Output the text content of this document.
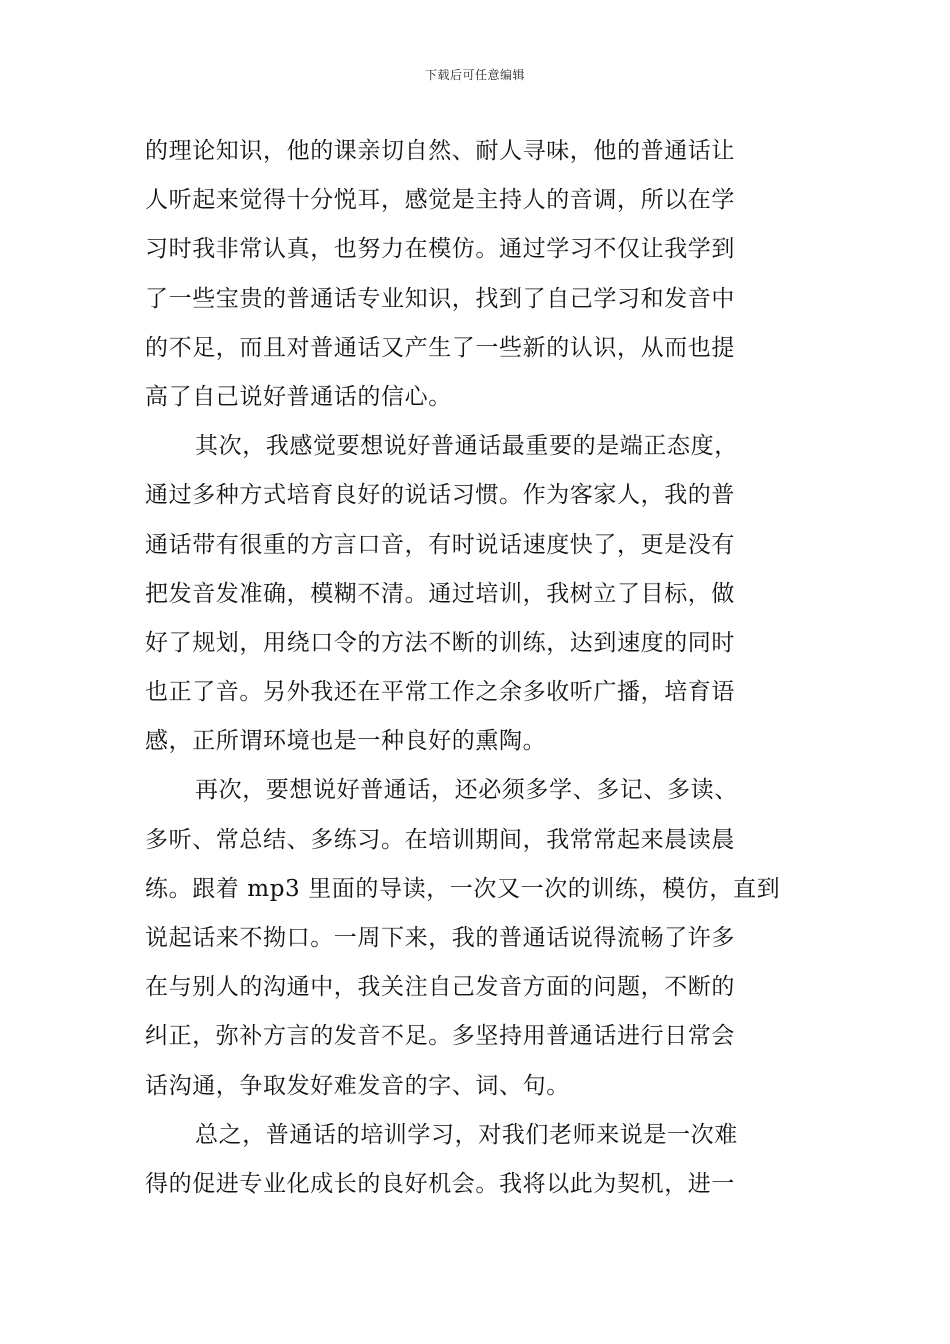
下载后可任意编辑
的理论知识，他的课亲切自然、耐人寻味，他的普通话让
人听起来觉得十分悦耳，感觉是主持人的音调，所以在学
习时我非常认真，也努力在模仿。通过学习不仅让我学到
了一些宝贵的普通话专业知识，找到了自己学习和发音中
的不足，而且对普通话又产生了一些新的认识，从而也提
高了自己说好普通话的信心。
其次，我感觉要想说好普通话最重要的是端正态度，
通过多种方式培育良好的说话习惯。作为客家人，我的普
通话带有很重的方言口音，有时说话速度快了，更是没有
把发音发准确，模糊不清。通过培训，我树立了目标，做
好了规划，用绕口令的方法不断的训练，达到速度的同时
也正了音。另外我还在平常工作之余多收听广播，培育语
感，正所谓环境也是一种良好的熏陶。
再次，要想说好普通话，还必须多学、多记、多读、
多听、常总结、多练习。在培训期间，我常常起来晨读晨
练。跟着 mp3 里面的导读，一次又一次的训练，模仿，直到
说起话来不拗口。一周下来，我的普通话说得流畅了许多
在与别人的沟通中，我关注自己发音方面的问题，不断的
纠正，弥补方言的发音不足。多坚持用普通话进行日常会
话沟通，争取发好难发音的字、词、句。
总之，普通话的培训学习，对我们老师来说是一次难
得的促进专业化成长的良好机会。我将以此为契机，进一
